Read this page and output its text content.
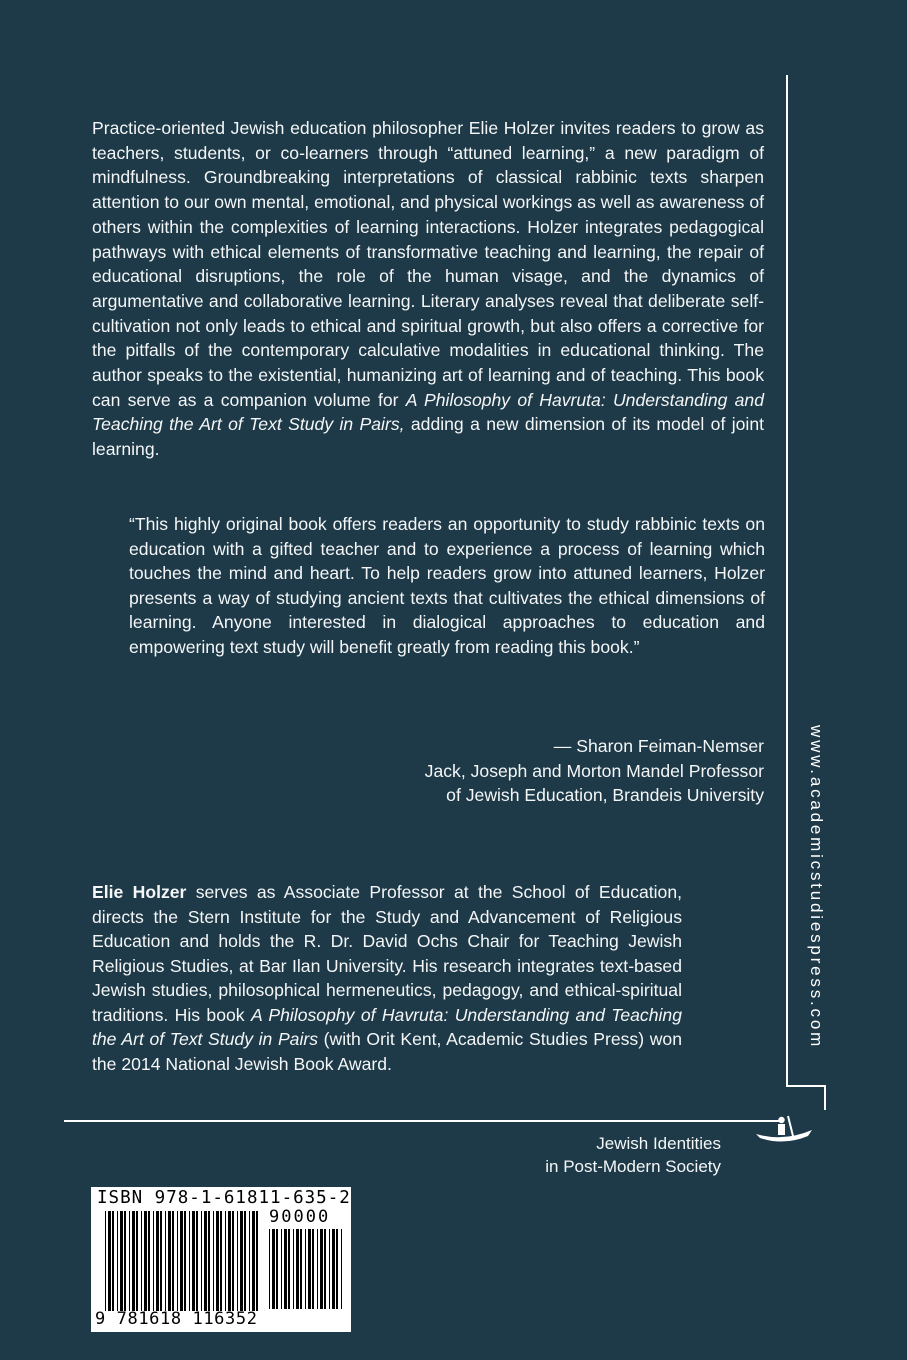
Practice-oriented Jewish education philosopher Elie Holzer invites readers to grow as teachers, students, or co-learners through “attuned learning,” a new paradigm of mindfulness. Groundbreaking interpretations of classical rabbinic texts sharpen attention to our own mental, emotional, and physical workings as well as awareness of others within the complexities of learning interactions. Holzer integrates pedagogical pathways with ethical elements of transformative teaching and learning, the repair of educational disruptions, the role of the human visage, and the dynamics of argumentative and collaborative learning. Literary analyses reveal that deliberate self-cultivation not only leads to ethical and spiritual growth, but also offers a corrective for the pitfalls of the contemporary calculative modalities in educational thinking. The author speaks to the existential, humanizing art of learning and of teaching. This book can serve as a companion volume for A Philosophy of Havruta: Understanding and Teaching the Art of Text Study in Pairs, adding a new dimension of its model of joint learning.
“This highly original book offers readers an opportunity to study rabbinic texts on education with a gifted teacher and to experience a process of learning which touches the mind and heart. To help readers grow into attuned learners, Holzer presents a way of studying ancient texts that cultivates the ethical dimensions of learning. Anyone interested in dialogical approaches to education and empowering text study will benefit greatly from reading this book.”
— Sharon Feiman-Nemser
Jack, Joseph and Morton Mandel Professor
of Jewish Education, Brandeis University
Elie Holzer serves as Associate Professor at the School of Education, directs the Stern Institute for the Study and Advancement of Religious Education and holds the R. Dr. David Ochs Chair for Teaching Jewish Religious Studies, at Bar Ilan University. His research integrates text-based Jewish studies, philosophical hermeneutics, pedagogy, and ethical-spiritual traditions. His book A Philosophy of Havruta: Understanding and Teaching the Art of Text Study in Pairs (with Orit Kent, Academic Studies Press) won the 2014 National Jewish Book Award.
www.academicstudiespress.com
Jewish Identities
in Post-Modern Society
ISBN 978-1-61811-635-2
90000
9 781618 116352
